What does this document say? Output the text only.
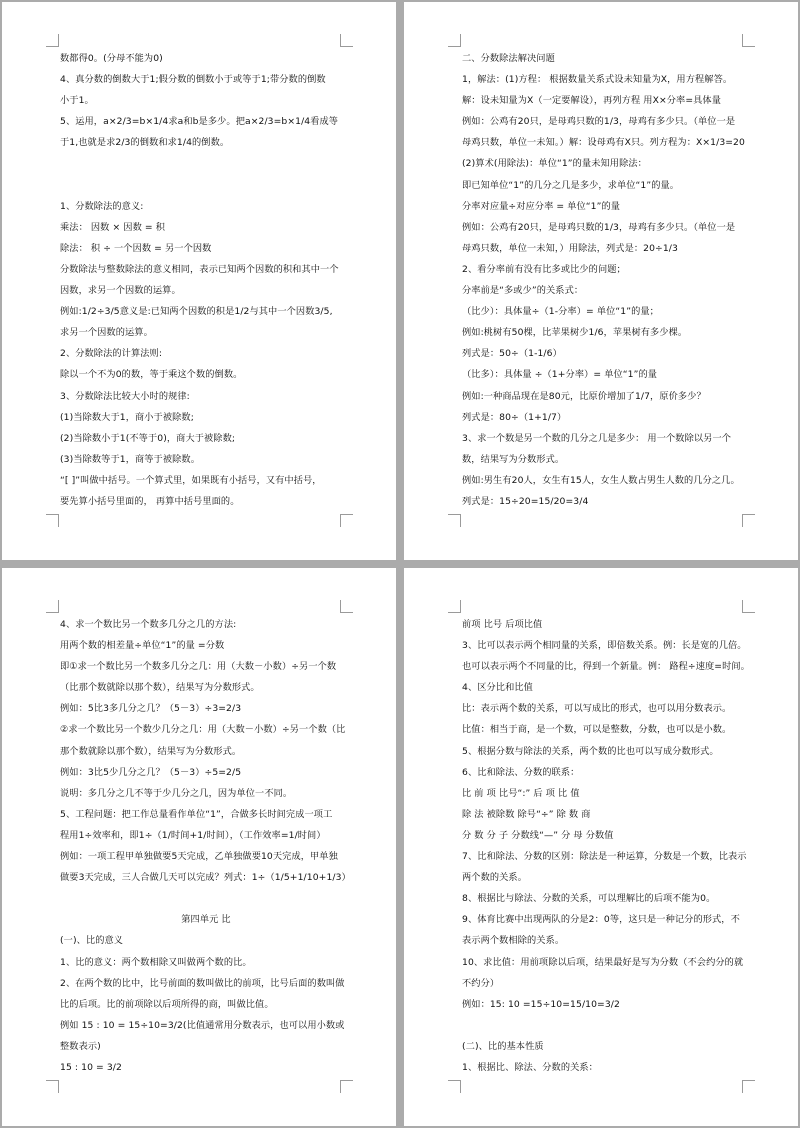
数都得0。(分母不能为0)
4、真分数的倒数大于1;假分数的倒数小于或等于1;带分数的倒数
小于1。
5、运用，a×2/3=b×1/4求a和b是多少。把a×2/3=b×1/4看成等
于1,也就是求2/3的倒数和求1/4的倒数。
1、分数除法的意义:
乘法： 因数 × 因数 = 积
除法： 积 ÷ 一个因数 = 另一个因数
分数除法与整数除法的意义相同，表示已知两个因数的积和其中一个
因数，求另一个因数的运算。
例如:1/2÷3/5意义是:已知两个因数的积是1/2与其中一个因数3/5,
求另一个因数的运算。
2、分数除法的计算法则:
除以一个不为0的数，等于乘这个数的倒数。
3、分数除法比较大小时的规律:
(1)当除数大于1，商小于被除数;
(2)当除数小于1(不等于0)，商大于被除数;
(3)当除数等于1，商等于被除数。
“[ ]”叫做中括号。一个算式里，如果既有小括号，又有中括号，
要先算小括号里面的， 再算中括号里面的。
二、分数除法解决问题
1，解法：(1)方程： 根据数量关系式设未知量为X，用方程解答。
解：设未知量为X（一定要解设），再列方程 用X×分率=具体量
例如：公鸡有20只，是母鸡只数的1/3，母鸡有多少只。（单位一是
母鸡只数，单位一未知。）解：设母鸡有X只。列方程为：X×1/3=20
(2)算术(用除法)：单位“1”的量未知用除法：
即已知单位“1”的几分之几是多少，求单位“1”的量。
分率对应量÷对应分率 = 单位“1”的量
例如：公鸡有20只，是母鸡只数的1/3，母鸡有多少只。（单位一是
母鸡只数，单位一未知，）用除法，列式是：20÷1/3
2、看分率前有没有比多或比少的问题；
分率前是“多或少”的关系式：
（比少）：具体量÷（1-分率）= 单位“1”的量；
例如:桃树有50棵，比苹果树少1/6，苹果树有多少棵。
列式是：50÷（1-1/6）
（比多）：具体量 ÷（1+分率）= 单位“1”的量
例如:一种商品现在是80元，比原价增加了1/7，原价多少？
列式是：80÷（1+1/7）
3、求一个数是另一个数的几分之几是多少： 用一个数除以另一个
数，结果写为分数形式。
例如:男生有20人，女生有15人，女生人数占男生人数的几分之几。
列式是：15÷20=15/20=3/4
4、求一个数比另一个数多几分之几的方法:
用两个数的相差量÷单位“1”的量 =分数
即①求一个数比另一个数多几分之几：用（大数－小数）÷另一个数
（比那个数就除以那个数），结果写为分数形式。
例如：5比3多几分之几？（5－3）÷3=2/3
②求一个数比另一个数少几分之几：用（大数－小数）÷另一个数（比
那个数就除以那个数），结果写为分数形式。
例如：3比5少几分之几？（5－3）÷5=2/5
说明：多几分之几不等于少几分之几，因为单位一不同。
5、工程问题：把工作总量看作单位“1”，合做多长时间完成一项工
程用1÷效率和，即1÷（1/时间+1/时间），（工作效率=1/时间）
例如：一项工程甲单独做要5天完成，乙单独做要10天完成，甲单独
做要3天完成，三人合做几天可以完成？列式：1÷（1/5+1/10+1/3）
第四单元 比
(一)、比的意义
1、比的意义：两个数相除又叫做两个数的比。
2、在两个数的比中，比号前面的数叫做比的前项，比号后面的数叫做
比的后项。比的前项除以后项所得的商，叫做比值。
例如 15 : 10 = 15÷10=3/2(比值通常用分数表示，也可以用小数或
整数表示)
15 : 10 = 3/2
前项 比号 后项比值
3、比可以表示两个相同量的关系，即倍数关系。例：长是宽的几倍。
也可以表示两个不同量的比，得到一个新量。例： 路程÷速度=时间。
4、区分比和比值
比：表示两个数的关系，可以写成比的形式，也可以用分数表示。
比值：相当于商，是一个数，可以是整数，分数，也可以是小数。
5、根据分数与除法的关系，两个数的比也可以写成分数形式。
6、比和除法、分数的联系：
比 前 项 比号“:” 后 项 比 值
除 法 被除数 除号“÷” 除 数 商
分 数 分 子 分数线“—” 分 母 分数值
7、比和除法、分数的区别：除法是一种运算，分数是一个数，比表示
两个数的关系。
8、根据比与除法、分数的关系，可以理解比的后项不能为0。
9、体育比赛中出现两队的分是2：0等，这只是一种记分的形式，不
表示两个数相除的关系。
10、求比值：用前项除以后项，结果最好是写为分数（不会约分的就
不约分）
例如：15: 10 =15÷10=15/10=3/2
(二)、比的基本性质
1、根据比、除法、分数的关系：
